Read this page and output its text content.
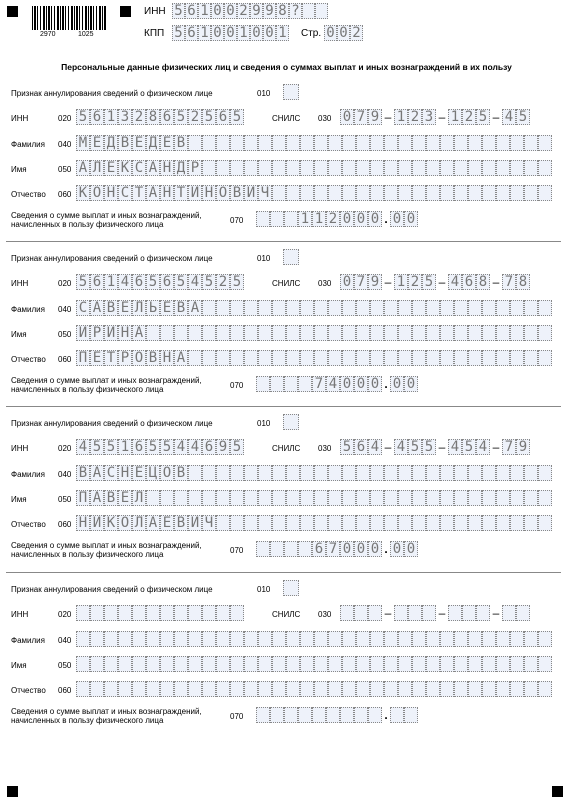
2970	1025
ИНН 5 6 1 0 0 2 9 9 8 ?
КПП 5 6 1 0 0 1 0 0 1 Стр. 0 0 2
Персональные данные физических лиц и сведения о суммах выплат и иных вознаграждений в их пользу
Признак аннулирования сведений о физическом лице	010
ИНН	020 5 6 1 3 2 8 6 5 2 5 6 5	СНИЛС 030 0 7 9 – 1 2 3 – 1 2 5 – 4 5
Фамилия 040 М Е Д В Е Д Е В
Имя	050 А Л Е К С А Н Д Р
Отчество 060 К О Н С Т А Н Т И Н О В И Ч
Сведения о сумме выплат и иных вознаграждений,
начисленных в пользу физического лица	070	1 1 2 0 0 0 . 0 0
Признак аннулирования сведений о физическом лице	010
ИНН	020 5 6 1 4 6 5 6 5 4 5 2 5	СНИЛС 030 0 7 9 – 1 2 5 – 4 6 8 – 7 8
Фамилия 040 С А В Е Л Ь Е В А
Имя	050 И Р И Н А
Отчество 060 П Е Т Р О В Н А
Сведения о сумме выплат и иных вознаграждений,
начисленных в пользу физического лица	070	7 4 0 0 0 . 0 0
Признак аннулирования сведений о физическом лице	010
ИНН	020 4 5 5 1 6 5 5 4 4 6 9 5	СНИЛС 030 5 6 4 – 4 5 5 – 4 5 4 – 7 9
Фамилия 040 В А С Н Е Ц О В
Имя	050 П А В Е Л
Отчество 060 Н И К О Л А Е В И Ч
Сведения о сумме выплат и иных вознаграждений,
начисленных в пользу физического лица	070	6 7 0 0 0 . 0 0
Признак аннулирования сведений о физическом лице	010
ИНН	020	СНИЛС 030	–	–	–
Фамилия 040
Имя	050
Отчество 060
Сведения о сумме выплат и иных вознаграждений,
начисленных в пользу физического лица	070	.
